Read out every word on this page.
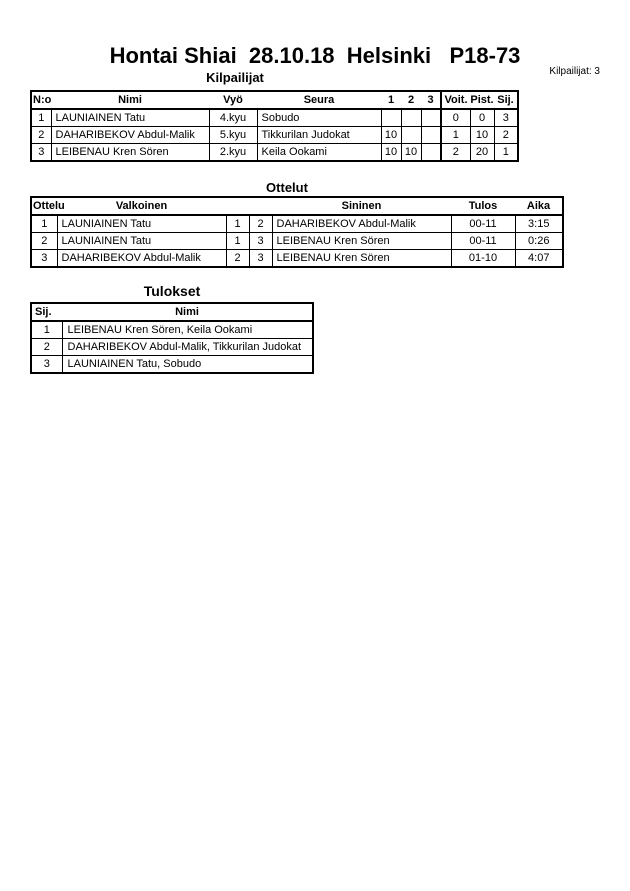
Hontai Shiai  28.10.18  Helsinki   P18-73
Kilpailijat	Kilpailijat: 3
N:o	Nimi	Vyö	Seura	1	2	3	Voit.	Pist.	Sij.
1	LAUNIAINEN Tatu	4.kyu	Sobudo				0	0	3
2	DAHARIBEKOV Abdul-Malik	5.kyu	Tikkurilan Judokat	10			1	10	2
3	LEIBENAU Kren Sören	2.kyu	Keila Ookami	10	10		2	20	1
Ottelut
Ottelu	Valkoinen			Sininen	Tulos	Aika
1	LAUNIAINEN Tatu	1	2	DAHARIBEKOV Abdul-Malik	00-11	3:15
2	LAUNIAINEN Tatu	1	3	LEIBENAU Kren Sören	00-11	0:26
3	DAHARIBEKOV Abdul-Malik	2	3	LEIBENAU Kren Sören	01-10	4:07
Tulokset
Sij.	Nimi
1	LEIBENAU Kren Sören, Keila Ookami
2	DAHARIBEKOV Abdul-Malik, Tikkurilan Judokat
3	LAUNIAINEN Tatu, Sobudo
